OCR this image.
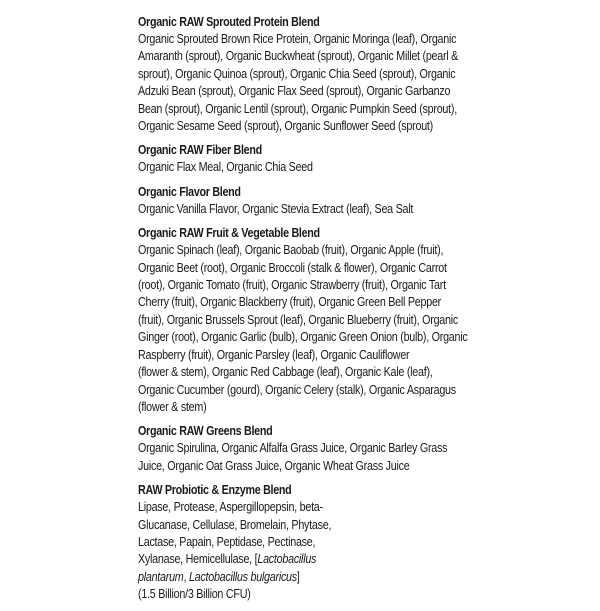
Organic RAW Sprouted Protein Blend

Organic Sprouted Brown Rice Protein, Organic Moringa (leaf), Organic
Amaranth (sprout), Organic Buckwheat (sprout), Organic Millet (pearl &
sprout), Organic Quinoa (sprout), Organic Chia Seed (sprout), Organic
Adzuki Bean (sprout), Organic Flax Seed (sprout), Organic Garbanzo
Bean (sprout), Organic Lentil (sprout), Organic Pumpkin Seed (sprout),
Organic Sesame Seed (sprout), Organic Sunflower Seed (sprout)

Organic RAW Fiber Blend

Organic Flax Meal, Organic Chia Seed

Organic Flavor Blend

Organic Vanilla Flavor, Organic Stevia Extract (leaf), Sea Salt

Organic RAW Fruit & Vegetable Blend

Organic Spinach (leaf), Organic Baobab (fruit), Organic Apple (fruit),
Organic Beet (root), Organic Broccoli (stalk & flower), Organic Carrot
(root), Organic Tomato (fruit), Organic Strawberry (fruit), Organic Tart
Cherry (fruit), Organic Blackberry (fruit), Organic Green Bell Pepper
(fruit), Organic Brussels Sprout (leaf), Organic Blueberry (fruit), Organic
Ginger (root), Organic Garlic (bulb), Organic Green Onion (bulb), Organic
Raspberry (fruit), Organic Parsley (leaf), Organic Cauliflower
(flower & stem), Organic Red Cabbage (leaf), Organic Kale (leaf),
Organic Cucumber (gourd), Organic Celery (stalk), Organic Asparagus
(flower & stem)

Organic RAW Greens Blend

Organic Spirulina, Organic Alfalfa Grass Juice, Organic Barley Grass
Juice, Organic Oat Grass Juice, Organic Wheat Grass Juice

RAW Probiotic & Enzyme Blend

Lipase, Protease, Aspergillopepsin, beta-
Glucanase, Cellulase, Bromelain, Phytase,
Lactase, Papain, Peptidase, Pectinase,
Xylanase, Hemicellulase, [Lactobacillus
plantarum, Lactobacillus bulgaricus]
(1.5 Billion/3 Billion CFU)
